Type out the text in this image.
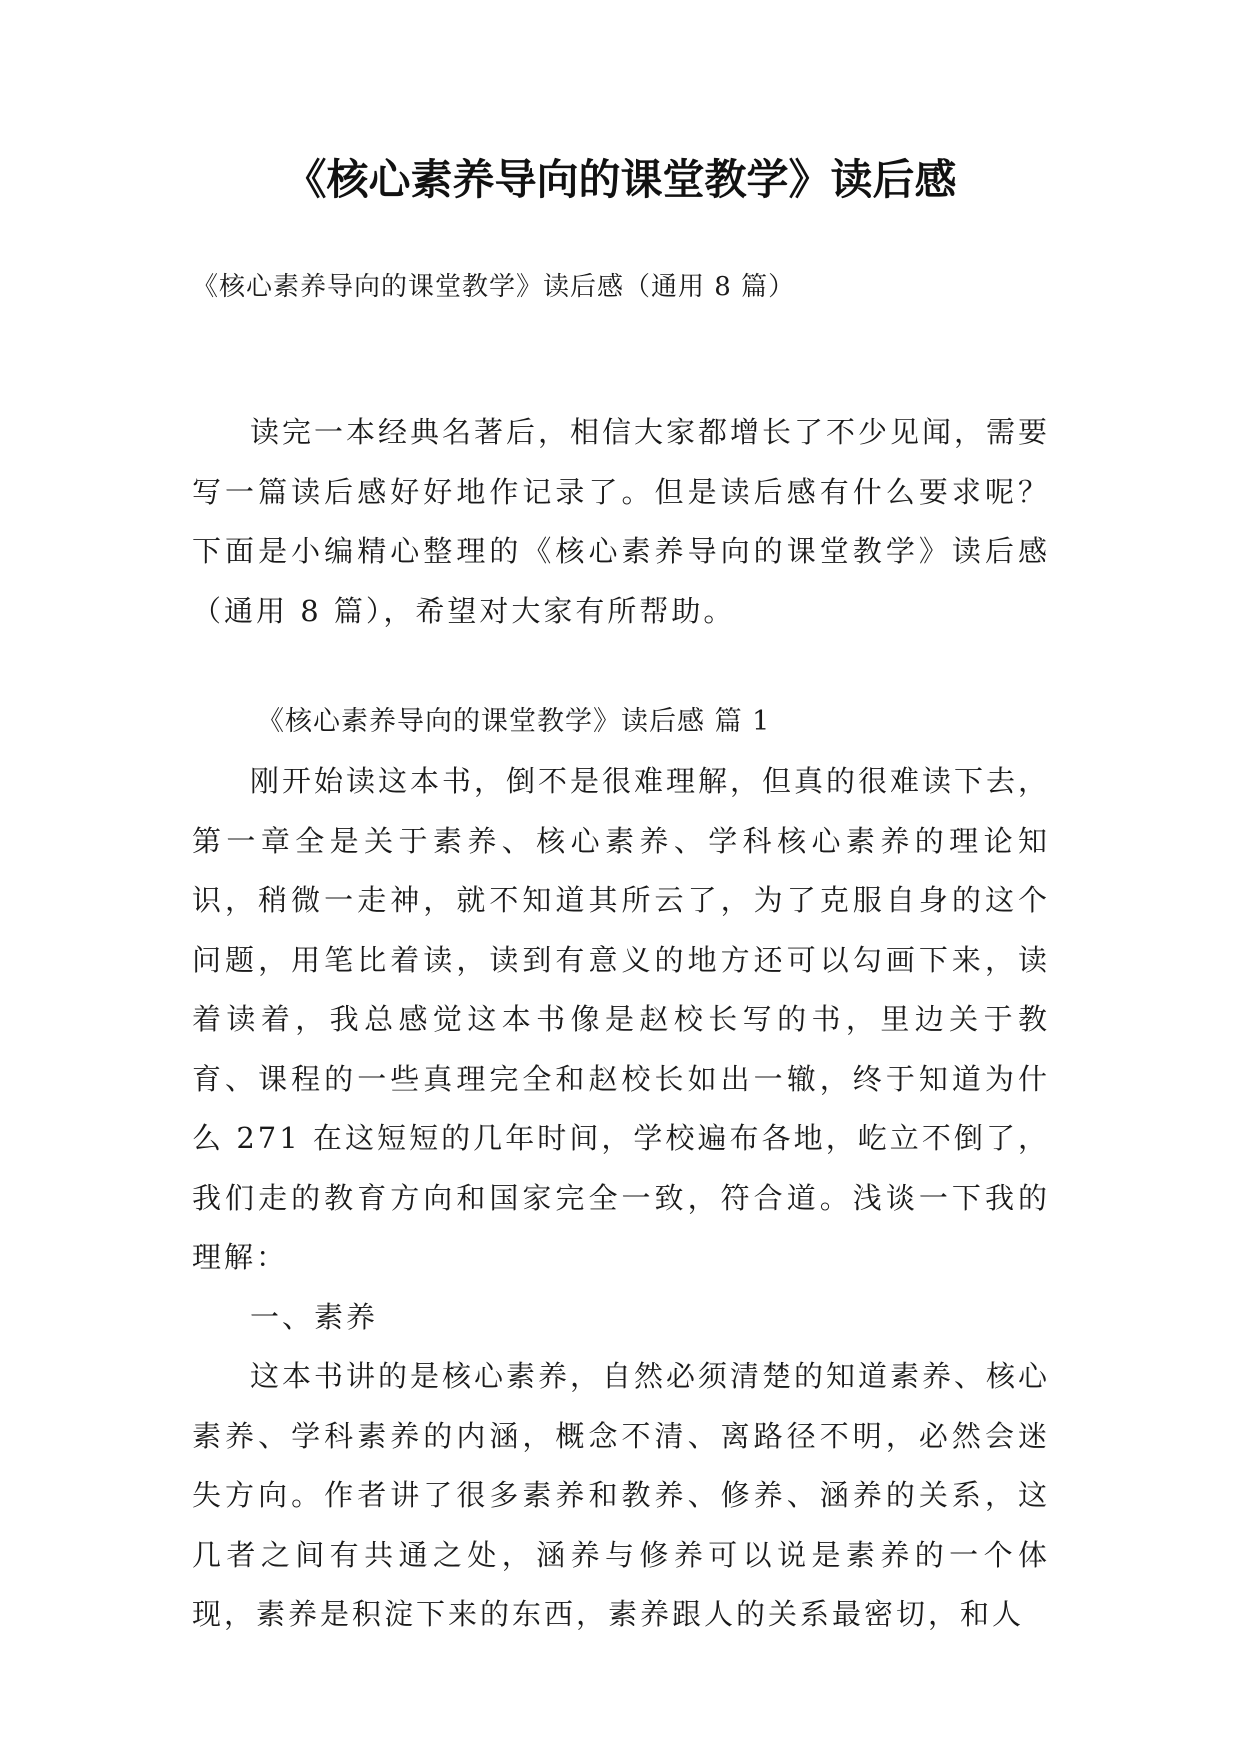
《核心素养导向的课堂教学》读后感

《核心素养导向的课堂教学》读后感（通用 8 篇）

读完一本经典名著后，相信大家都增长了不少见闻，需要写一篇读后感好好地作记录了。但是读后感有什么要求呢？下面是小编精心整理的《核心素养导向的课堂教学》读后感（通用 8 篇），希望对大家有所帮助。

《核心素养导向的课堂教学》读后感 篇 1

刚开始读这本书，倒不是很难理解，但真的很难读下去，第一章全是关于素养、核心素养、学科核心素养的理论知识，稍微一走神，就不知道其所云了，为了克服自身的这个问题，用笔比着读，读到有意义的地方还可以勾画下来，读着读着，我总感觉这本书像是赵校长写的书，里边关于教育、课程的一些真理完全和赵校长如出一辙，终于知道为什么 271 在这短短的几年时间，学校遍布各地，屹立不倒了，我们走的教育方向和国家完全一致，符合道。浅谈一下我的理解：

一、素养

这本书讲的是核心素养，自然必须清楚的知道素养、核心素养、学科素养的内涵，概念不清、离路径不明，必然会迷失方向。作者讲了很多素养和教养、修养、涵养的关系，这几者之间有共通之处，涵养与修养可以说是素养的一个体现，素养是积淀下来的东西，素养跟人的关系最密切，和人
